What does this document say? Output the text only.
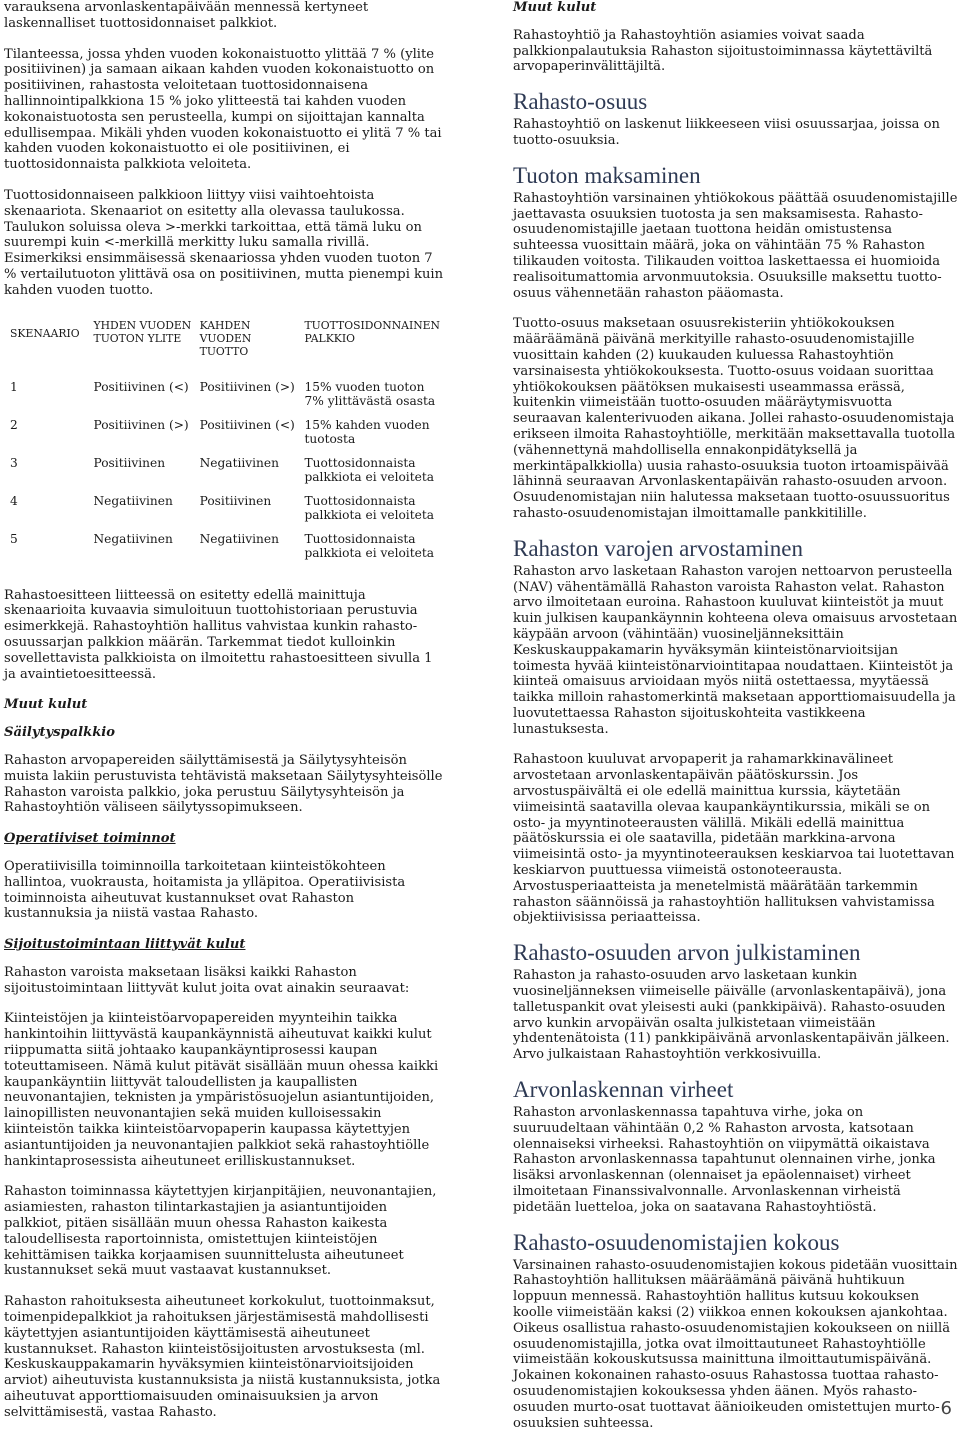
varauksena arvonlaskentapäivään mennessä kertyneet laskennalliset tuottosidonnaiset palkkiot.

Tilanteessa, jossa yhden vuoden kokonaistuotto ylittää 7 % (ylite positiivinen) ja samaan aikaan kahden vuoden kokonaistuotto on positiivinen, rahastosta veloitetaan tuottosidonnaisena hallinnointipalkkiona 15 % joko ylitteestä tai kahden vuoden kokonaistuotosta sen perusteella, kumpi on sijoittajan kannalta edullisempaa. Mikäli yhden vuoden kokonaistuotto ei ylitä 7 % tai kahden vuoden kokonaistuotto ei ole positiivinen, ei tuottosidonnaista palkkiota veloiteta.

Tuottosidonnaiseen palkkioon liittyy viisi vaihtoehtoista skenaariota. Skenaariot on esitetty alla olevassa taulukossa. Taulukon soluissa oleva >-merkki tarkoittaa, että tämä luku on suurempi kuin <-merkillä merkitty luku samalla rivillä. Esimerkiksi ensimmäisessä skenaariossa yhden vuoden tuoton 7 % vertailutuoton ylittävä osa on positiivinen, mutta pienempi kuin kahden vuoden tuotto.

SKENAARIO	YHDEN VUODEN TUOTON YLITE	KAHDEN VUODEN TUOTTO	TUOTTOSIDONNAINEN PALKKIO
1	Positiivinen (<)	Positiivinen (>)	15% vuoden tuoton 7% ylittävästä osasta
2	Positiivinen (>)	Positiivinen (<)	15% kahden vuoden tuotosta
3	Positiivinen	Negatiivinen	Tuottosidonnaista palkkiota ei veloiteta
4	Negatiivinen	Positiivinen	Tuottosidonnaista palkkiota ei veloiteta
5	Negatiivinen	Negatiivinen	Tuottosidonnaista palkkiota ei veloiteta

Rahastoesitteen liitteessä on esitetty edellä mainittuja skenaarioita kuvaavia simuloituun tuottohistoriaan perustuvia esimerkkejä. Rahastoyhtiön hallitus vahvistaa kunkin rahasto-osuussarjan palkkion määrän. Tarkemmat tiedot kulloinkin sovellettavista palkkioista on ilmoitettu rahastoesitteen sivulla 1 ja avaintietoesitteessä.

Muut kulut

Säilytyspalkkio

Rahaston arvopapereiden säilyttämisestä ja Säilytysyhteisön muista lakiin perustuvista tehtävistä maksetaan Säilytysyhteisölle Rahaston varoista palkkio, joka perustuu Säilytysyhteisön ja Rahastoyhtiön väliseen säilytyssopimukseen.

Operatiiviset toiminnot

Operatiivisilla toiminnoilla tarkoitetaan kiinteistökohteen hallintoa, vuokrausta, hoitamista ja ylläpitoa. Operatiivisista toiminnoista aiheutuvat kustannukset ovat Rahaston kustannuksia ja niistä vastaa Rahasto.

Sijoitustoimintaan liittyvät kulut

Rahaston varoista maksetaan lisäksi kaikki Rahaston sijoitustoimintaan liittyvät kulut joita ovat ainakin seuraavat:

Kiinteistöjen ja kiinteistöarvopapereiden myynteihin taikka hankintoihin liittyvästä kaupankäynnistä aiheutuvat kaikki kulut riippumatta siitä johtaako kaupankäyntiprosessi kaupan toteuttamiseen. Nämä kulut pitävät sisällään muun ohessa kaikki kaupankäyntiin liittyvät taloudellisten ja kaupallisten neuvonantajien, teknisten ja ympäristösuojelun asiantuntijoiden, lainopillisten neuvonantajien sekä muiden kulloisessakin kiinteistön taikka kiinteistöarvopaperin kaupassa käytettyjen asiantuntijoiden ja neuvonantajien palkkiot sekä rahastoyhtiölle hankintaprosessista aiheutuneet erilliskustannukset.

Rahaston toiminnassa käytettyjen kirjanpitäjien, neuvonantajien, asiamiesten, rahaston tilintarkastajien ja asiantuntijoiden palkkiot, pitäen sisällään muun ohessa Rahaston kaikesta taloudellisesta raportoinnista, omistettujen kiinteistöjen kehittämisen taikka korjaamisen suunnittelusta aiheutuneet kustannukset sekä muut vastaavat kustannukset.

Rahaston rahoituksesta aiheutuneet korkokulut, tuottoinmaksut, toimenpidepalkkiot ja rahoituksen järjestämisestä mahdollisesti käytettyjen asiantuntijoiden käyttämisestä aiheutuneet kustannukset. Rahaston kiinteistösijoitusten arvostuksesta (ml. Keskuskauppakamarin hyväksymien kiinteistönarvioitsijoiden arviot) aiheutuvista kustannuksista ja niistä kustannuksista, jotka aiheutuvat apporttiomaisuuden ominaisuuksien ja arvon selvittämisestä, vastaa Rahasto.

Muut kulut

Rahastoyhtiö ja Rahastoyhtiön asiamies voivat saada palkkionpalautuksia Rahaston sijoitustoiminnassa käytettäviltä arvopaperinvälittäjiltä.

Rahasto-osuus

Rahastoyhtiö on laskenut liikkeeseen viisi osuussarjaa, joissa on tuotto-osuuksia.

Tuoton maksaminen

Rahastoyhtiön varsinainen yhtiökokous päättää osuudenomistajille jaettavasta osuuksien tuotosta ja sen maksamisesta. Rahasto-osuudenomistajille jaetaan tuottona heidän omistustensa suhteessa vuosittain määrä, joka on vähintään 75 % Rahaston tilikauden voitosta. Tilikauden voittoa laskettaessa ei huomioida realisoitumattomia arvonmuutoksia. Osuuksille maksettu tuotto-osuus vähennetään rahaston pääomasta.

Tuotto-osuus maksetaan osuusrekisteriin yhtiökokouksen määräämänä päivänä merkityille rahasto-osuudenomistajille vuosittain kahden (2) kuukauden kuluessa Rahastoyhtiön varsinaisesta yhtiökokouksesta. Tuotto-osuus voidaan suorittaa yhtiökokouksen päätöksen mukaisesti useammassa erässä, kuitenkin viimeistään tuotto-osuuden määräytymisvuotta seuraavan kalenterivuoden aikana. Jollei rahasto-osuudenomistaja erikseen ilmoita Rahastoyhtiölle, merkitään maksettavalla tuotolla (vähennettynä mahdollisella ennakonpidätyksellä ja merkintäpalkkiolla) uusia rahasto-osuuksia tuoton irtoamispäivää lähinnä seuraavan Arvonlaskentapäivän rahasto-osuuden arvoon. Osuudenomistajan niin halutessa maksetaan tuotto-osuussuoritus rahasto-osuudenomistajan ilmoittamalle pankkitilille.

Rahaston varojen arvostaminen

Rahaston arvo lasketaan Rahaston varojen nettoarvon perusteella (NAV) vähentämällä Rahaston varoista Rahaston velat. Rahaston arvo ilmoitetaan euroina. Rahastoon kuuluvat kiinteistöt ja muut kuin julkisen kaupankäynnin kohteena oleva omaisuus arvostetaan käypään arvoon (vähintään) vuosineljänneksittäin Keskuskauppakamarin hyväksymän kiinteistönarvioitsijan toimesta hyvää kiinteistönarviointitapaa noudattaen. Kiinteistöt ja kiinteä omaisuus arvioidaan myös niitä ostettaessa, myytäessä taikka milloin rahastomerkintä maksetaan apporttiomaisuudella ja luovutettaessa Rahaston sijoituskohteita vastikkeena lunastuksesta.

Rahastoon kuuluvat arvopaperit ja rahamarkkinavälineet arvostetaan arvonlaskentapäivän päätöskurssin. Jos arvostuspäivältä ei ole edellä mainittua kurssia, käytetään viimeisintä saatavilla olevaa kaupankäyntikurssia, mikäli se on osto- ja myyntinoteerausten välillä. Mikäli edellä mainittua päätöskurssia ei ole saatavilla, pidetään markkina-arvona viimeisintä osto- ja myyntinoteerauksen keskiarvoa tai luotettavan keskiarvon puuttuessa viimeistä ostonoteerausta. Arvostusperiaatteista ja menetelmistä määrätään tarkemmin rahaston säännöissä ja rahastoyhtiön hallituksen vahvistamissa objektiivisissa periaatteissa.

Rahasto-osuuden arvon julkistaminen

Rahaston ja rahasto-osuuden arvo lasketaan kunkin vuosineljänneksen viimeiselle päivälle (arvonlaskentapäivä), jona talletuspankit ovat yleisesti auki (pankkipäivä). Rahasto-osuuden arvo kunkin arvopäivän osalta julkistetaan viimeistään yhdentenätoista (11) pankkipäivänä arvonlaskentapäivän jälkeen. Arvo julkaistaan Rahastoyhtiön verkkosivuilla.

Arvonlaskennan virheet

Rahaston arvonlaskennassa tapahtuva virhe, joka on suuruudeltaan vähintään 0,2 % Rahaston arvosta, katsotaan olennaiseksi virheeksi. Rahastoyhtiön on viipymättä oikaistava Rahaston arvonlaskennassa tapahtunut olennainen virhe, jonka lisäksi arvonlaskennan (olennaiset ja epäolennaiset) virheet ilmoitetaan Finanssivalvonnalle. Arvonlaskennan virheistä pidetään luetteloa, joka on saatavana Rahastoyhtiöstä.

Rahasto-osuudenomistajien kokous

Varsinainen rahasto-osuudenomistajien kokous pidetään vuosittain Rahastoyhtiön hallituksen määräämänä päivänä huhtikuun loppuun mennessä. Rahastoyhtiön hallitus kutsuu kokouksen koolle viimeistään kaksi (2) viikkoa ennen kokouksen ajankohtaa. Oikeus osallistua rahasto-osuudenomistajien kokoukseen on niillä osuudenomistajilla, jotka ovat ilmoittautuneet Rahastoyhtiölle viimeistään kokouskutsussa mainittuna ilmoittautumispäivänä. Jokainen kokonainen rahasto-osuus Rahastossa tuottaa rahasto-osuudenomistajien kokouksessa yhden äänen. Myös rahasto-osuuden murto-osat tuottavat äänioikeuden omistettujen murto-osuuksien suhteessa.

6
